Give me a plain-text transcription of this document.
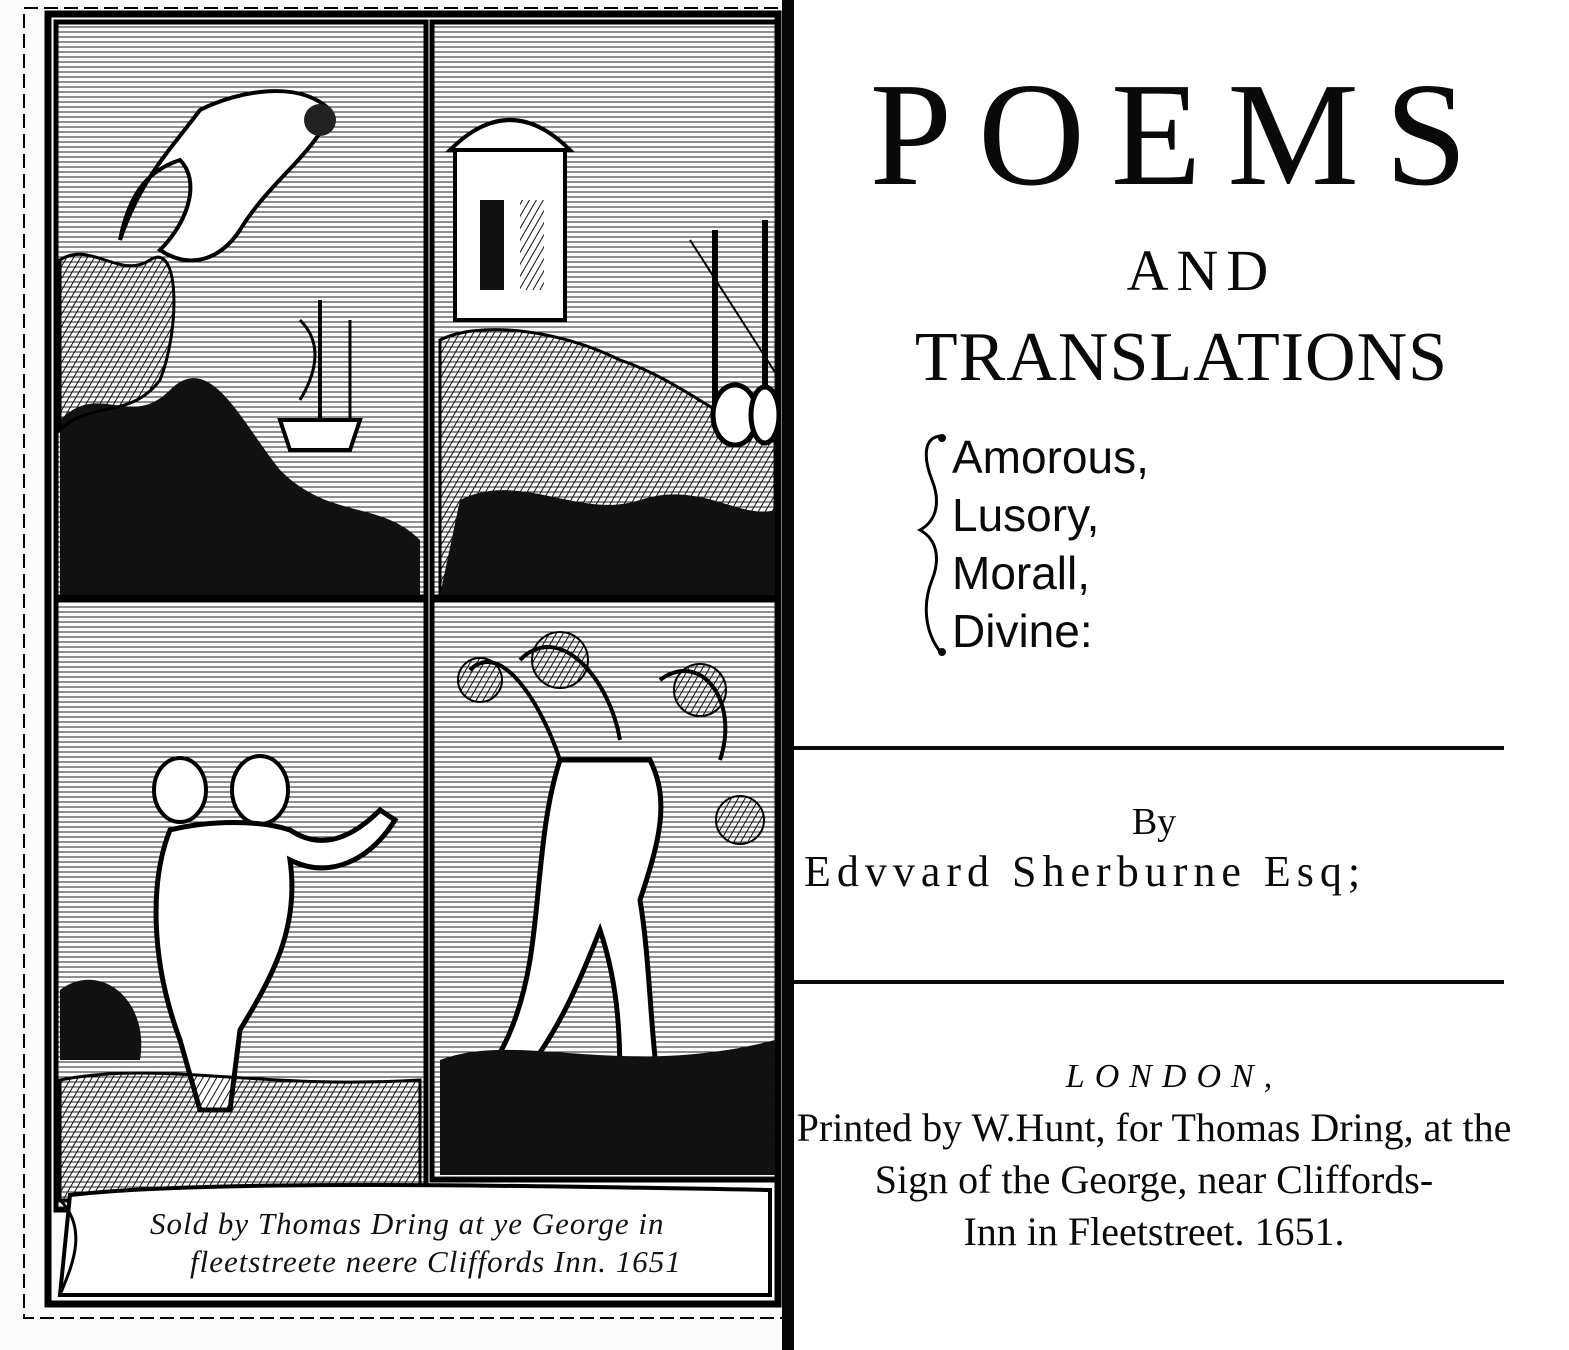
Sold by Thomas Dring at ye George in
fleetstreete neere Cliffords Inn. 1651
POEMS
AND
TRANSLATIONS
Amorous,
Lusory,
Morall,
Divine:
By
Edvvard Sherburne Esq;
LONDON,
Printed by W.Hunt, for Thomas Dring, at the
Sign of the George, near Cliffords-
Inn in Fleetstreet. 1651.
